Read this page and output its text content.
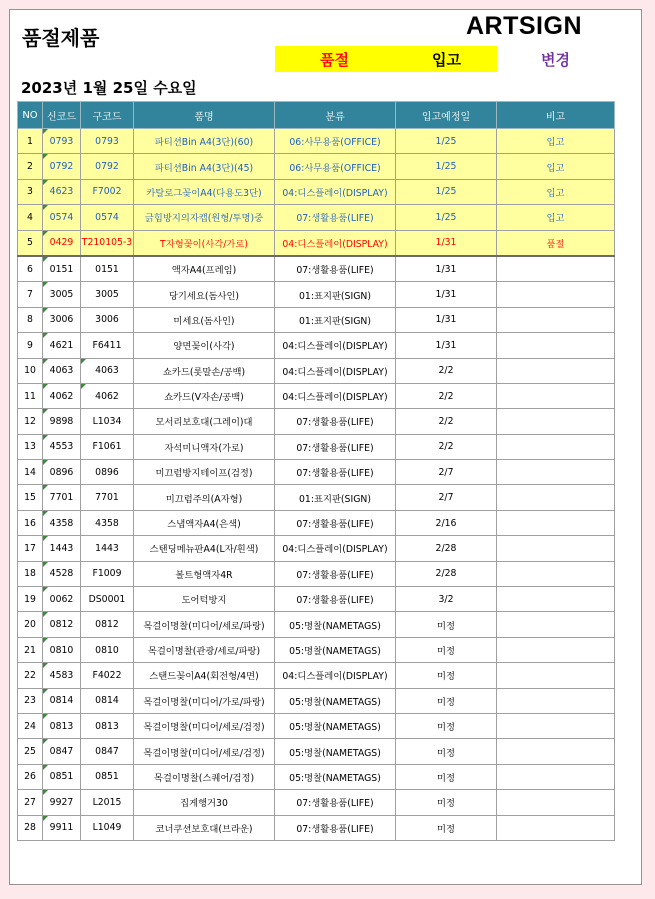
품절제품	ARTSIGN
품절	입고	변경
2023년 1월 25일 수요일
NO	신코드	구코드	품명	분류	입고예정일	비고
1	0793	0793	파티션Bin A4(3단)(60)	06:사무용품(OFFICE)	1/25	입고
2	0792	0792	파티션Bin A4(3단)(45)	06:사무용품(OFFICE)	1/25	입고
3	4623	F7002	카탈로그꽂이A4(다용도3단)	04:디스플레이(DISPLAY)	1/25	입고
4	0574	0574	긁힘방지의자캡(원형/투명)중	07:생활용품(LIFE)	1/25	입고
5	0429	T210105-3	T자형꽂이(사각/가로)	04:디스플레이(DISPLAY)	1/31	품절
6	0151	0151	액자A4(프레임)	07:생활용품(LIFE)	1/31	
7	3005	3005	당기세요(돔사인)	01:표지판(SIGN)	1/31	
8	3006	3006	미세요(돔사인)	01:표지판(SIGN)	1/31	
9	4621	F6411	양면꽂이(사각)	04:디스플레이(DISPLAY)	1/31	
10	4063	4063	쇼카드(롯말손/공백)	04:디스플레이(DISPLAY)	2/2	
11	4062	4062	쇼카드(V자손/공백)	04:디스플레이(DISPLAY)	2/2	
12	9898	L1034	모서리보호대(그레이)대	07:생활용품(LIFE)	2/2	
13	4553	F1061	자석미니액자(가로)	07:생활용품(LIFE)	2/2	
14	0896	0896	미끄럼방지테이프(검정)	07:생활용품(LIFE)	2/7	
15	7701	7701	미끄럼주의(A자형)	01:표지판(SIGN)	2/7	
16	4358	4358	스냅액자A4(은색)	07:생활용품(LIFE)	2/16	
17	1443	1443	스탠딩메뉴판A4(L자/흰색)	04:디스플레이(DISPLAY)	2/28	
18	4528	F1009	볼트형액자4R	07:생활용품(LIFE)	2/28	
19	0062	DS0001	도어턱방지	07:생활용품(LIFE)	3/2	
20	0812	0812	목걸이명찰(미디어/세로/파랑)	05:명찰(NAMETAGS)	미정	
21	0810	0810	목걸이명찰(관광/세로/파랑)	05:명찰(NAMETAGS)	미정	
22	4583	F4022	스탠드꽂이A4(회전형/4면)	04:디스플레이(DISPLAY)	미정	
23	0814	0814	목걸이명찰(미디어/가로/파랑)	05:명찰(NAMETAGS)	미정	
24	0813	0813	목걸이명찰(미디어/세로/검정)	05:명찰(NAMETAGS)	미정	
25	0847	0847	목걸이명찰(미디어/세로/검정)	05:명찰(NAMETAGS)	미정	
26	0851	0851	목걸이명찰(스퀘어/검정)	05:명찰(NAMETAGS)	미정	
27	9927	L2015	집게행거30	07:생활용품(LIFE)	미정	
28	9911	L1049	코너쿠션보호대(브라운)	07:생활용품(LIFE)	미정	
